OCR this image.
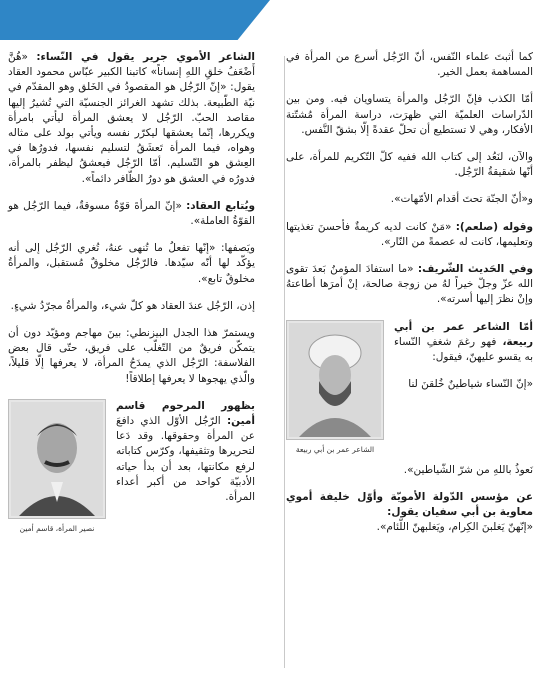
كما أثبتَ علماء النّفس، أنّ الرّجُل أسرع من المرأة في المساهمة بعمل الخير.

أمّا الكذب فإنّ الرّجُل والمرأة يتساويان فيه. ومن بين الدّراسات العلميّة التي ظهرَت، دراسة المرأة مُشتّتة الأفكار، وهي لا تستطيع أن تحلّ عقدةً إلّا بشقّ النَّفس.

والآن، لنَعُد إلى كتاب الله ففيه كلّ التّكريم للمرأة، على أنّها شقيقةُ الرّجُل.

و«أنّ الجنّة تحتَ أقدام الأمّهات».

وقوله (صلعم): «مَنْ كانت لديه كريمةٌ فأحسنَ تغذيتها وتعليمها، كانت له عصمةً من النّار».

وفي الحَديث الشّريف: «ما استفادَ المؤمنُ بَعدَ تقوى الله عزّ وجلّ خيراً لهُ من زوجة صالحة، إنْ أمرَها أطاعتهُ وإنْ نظرَ إليها أسرته».

الشاعر عمر بن أبي ربيعة

أمّا الشاعر عمر بن أبي ربيعة، فهو رغمَ شغفِ النّساء به يقسو عليهنّ، فيقول:

«إنّ النّساء شياطينٌ خُلقنَ لنا

نَعوذُ باللهِ من شرّ الشّياطين».

عن مؤسس الدّولة الأمويّة وأوّل خليفة أموي معاوية بن أبي سفيان يقول:
«إنّهنّ يَغلبنَ الكِرام، ويَغلبهنّ اللّئام».

الشاعر الأموي جرير يقول في النّساء: «هُنَّ أَضْعَفُ خلقِ اللهِ إنساناً» كاتبنا الكبير عبّاس محمود العقاد يقول: «إنّ الرّجُل هو المقصودُ في الخَلق وهو المقدّم في نيّة الطّبيعة. بذلك تشهد الغرائز الجنسيّة التي تُشيرُ إليها مقاصد الحبّ. الرّجُل لا يعشق المرأة ليأتي بامرأة ويكررها، إنّما يعشقها ليكرّر نفسه ويأتي بولد على مثاله وهواه، فيما المرأة تَعشَقُ لتسليم نفسها، فدورُها في العِشق هو التّسليم. أمّا الرّجُل فيعشقُ ليظفر بالمرأة، فدورُه في العشق هو دورُ الظّافر دائماً».

ويُتابع العقاد: «إنّ المرأةَ قوّةٌ مسوقةٌ، فيما الرّجُل هو القوّةُ العاملة».

ويَصفها: «إنّها تفعلُ ما تُنهى عنهُ، تُغري الرّجُل إلى أنه يؤكّد لها أنّه سيّدها. فالرّجُل مخلوقٌ مُستقبل، والمرأةُ مخلوقٌ تابع».

إذن، الرّجُل عندَ العقاد هو كلّ شيء، والمرأةُ مجرّدُ شيءٍ.

ويستمرّ هذا الجدل البيزنطي: بينَ مهاجم ومؤيّد دون أن يتمكّن فريقٌ من التّغلّب على فريق، حتّى قال بعض الفلاسفة: الرّجُل الذي يمدَحُ المرأة، لا يعرفها إلّا قليلاً، والّذي يهجوها لا يعرفها إطلاقاً!

نصير المرأة، قاسم أمين

بظهور المرحوم قاسم أمين: الرّجُل الأوّل الذي دافعَ عن المرأة وحقوقها. وقد دَعا لتحريرها وتثقيفها، وكرّس كتاباته لرفع مكانتها، بعد أن بدأ حياته الأدبيّة كواحد من أكبر أعداء المرأة.
